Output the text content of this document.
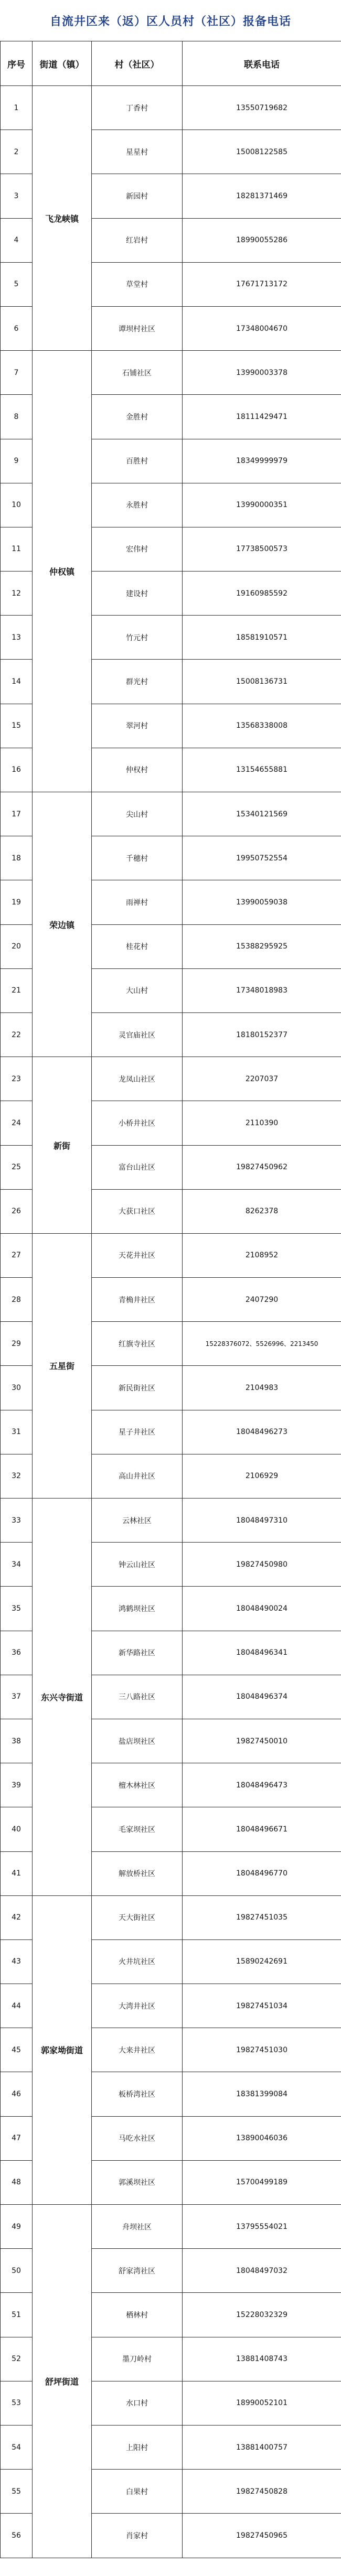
自流井区来（返）区人员村（社区）报备电话
序号	街道（镇）	村（社区）	联系电话
1	飞龙峡镇	丁香村	13550719682
2		星星村	15008122585
3		新园村	18281371469
4		红岩村	18990055286
5		草堂村	17671713172
6		谭坝村社区	17348004670
7	仲权镇	石铺社区	13990003378
8		金胜村	18111429471
9		百胜村	18349999979
10		永胜村	13990000351
11		宏伟村	17738500573
12		建设村	19160985592
13		竹元村	18581910571
14		群光村	15008136731
15		翠河村	13568338008
16		仲权村	13154655881
17	荣边镇	尖山村	15340121569
18		千穗村	19950752554
19		雨禅村	13990059038
20		桂花村	15388295925
21		大山村	17348018983
22		灵官庙社区	18180152377
23	新街	龙凤山社区	2207037
24		小桥井社区	2110390
25		富台山社区	19827450962
26		大获口社区	8262378
27	五星街	天花井社区	2108952
28		青桷井社区	2407290
29		红旗寺社区	15228376072、5526996、2213450
30		新民街社区	2104983
31		星子井社区	18048496273
32		高山井社区	2106929
33	东兴寺街道	云林社区	18048497310
34		钟云山社区	19827450980
35		鸿鹤坝社区	18048490024
36		新华路社区	18048496341
37		三八路社区	18048496374
38		盐店坝社区	19827450010
39		檀木林社区	18048496473
40		毛家坝社区	18048496671
41		解放桥社区	18048496770
42	郭家坳街道	天大街社区	19827451035
43		火井坑社区	15890242691
44		大湾井社区	19827451034
45		大来井社区	19827451030
46		板桥湾社区	18381399084
47		马吃水社区	13890046036
48		郭溪坝社区	15700499189
49	舒坪街道	舟坝社区	13795554021
50		舒家湾社区	18048497032
51		栖林村	15228032329
52		墨刀岭村	13881408743
53		水口村	18990052101
54		上阳村	13881400757
55		白果村	19827450828
56		肖家村	19827450965
